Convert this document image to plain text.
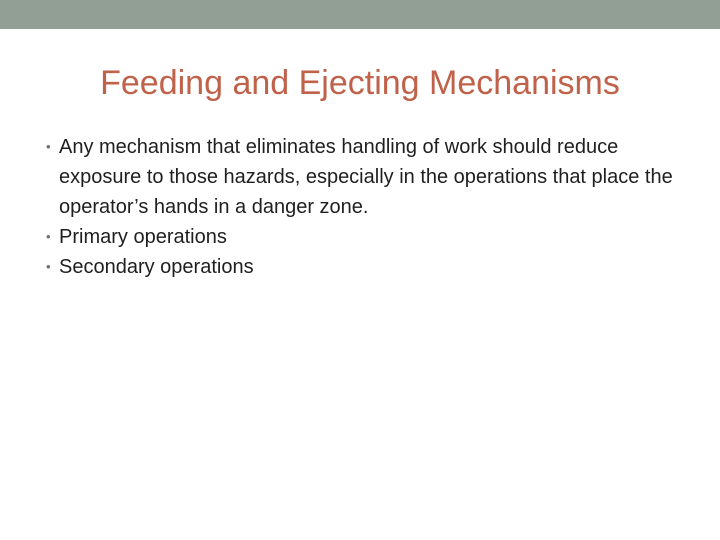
Feeding and Ejecting Mechanisms
• Any mechanism that eliminates handling of work should reduce exposure to those hazards, especially in the operations that place the operator’s hands in a danger zone.
• Primary operations
• Secondary operations
